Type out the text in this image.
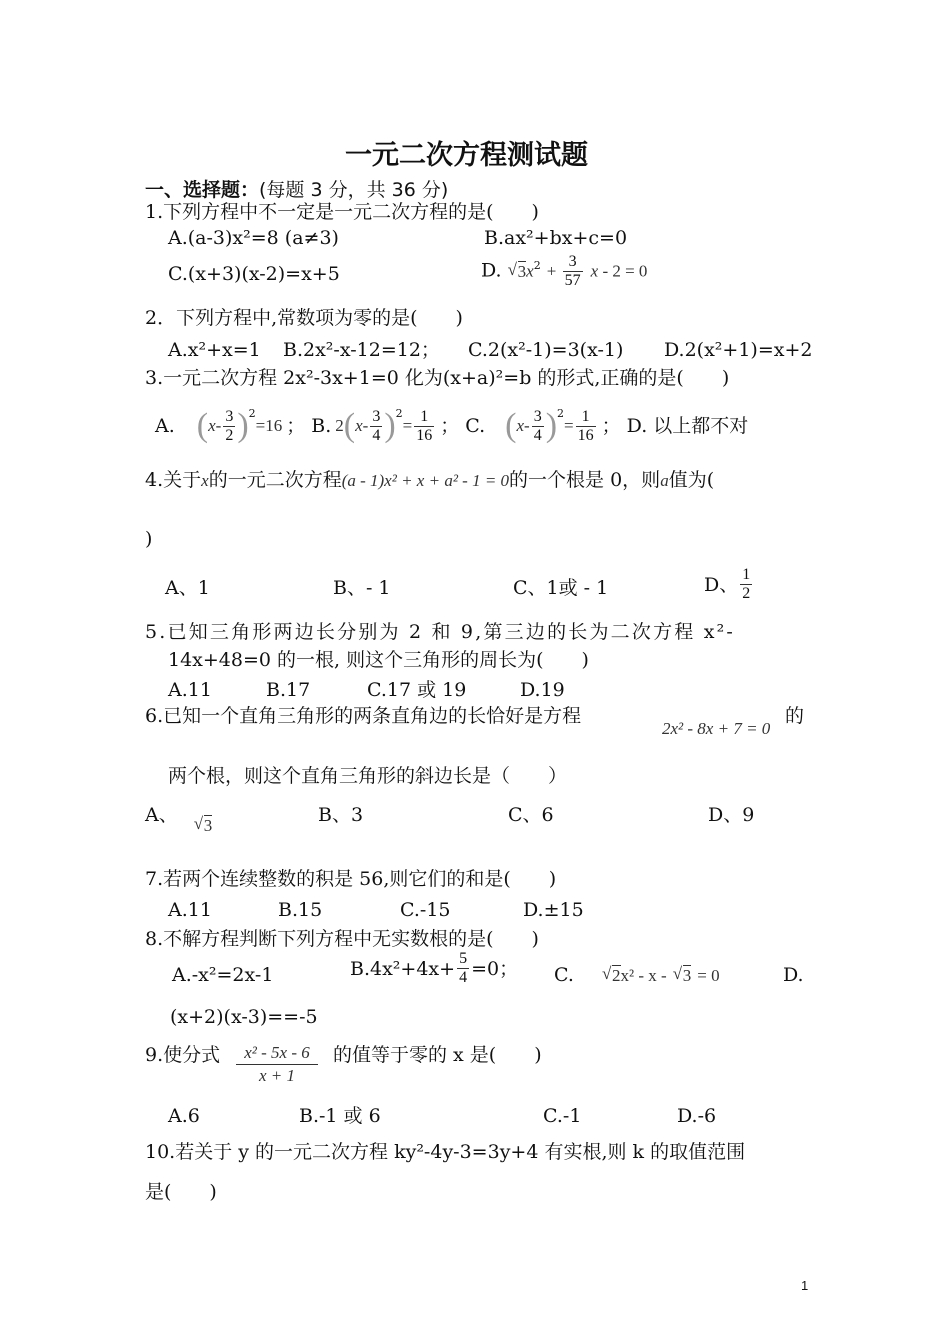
一元二次方程测试题
一、选择题：(每题 3 分，共 36 分)
1.下列方程中不一定是一元二次方程的是(　　)
A.(a-3)x²=8 (a≠3)	B.ax²+bx+c=0
C.(x+3)(x-2)=x+5	D. √ $3x^2 + \frac{3}{57}$ x - 2 = 0
2．下列方程中,常数项为零的是(　　)
A.x²+x=1 B.2x²-x-12=12； C.2(x²-1)=3(x-1) D.2(x²+1)=x+2
3.一元二次方程 2x²-3x+1=0 化为(x+a)²=b 的形式,正确的是(　　)
A. ( x - $\frac{3}{2} )^2$
=16 ； B. 2 ( x - $\frac{3}{4} )^2$
= $\frac{1}{16}$ ； C. ( x - $\frac{3}{4} )^2$
= $\frac{1}{16}$ ； D. 以上都不对
4.关于x的一元二次方程(a - 1)x² + x + a² - 1 = 0的一个根是 0，则a值为(
)
A、1	B、- 1	C、1或 - 1	D、 $\frac{1}{2}$
5.已知三角形两边长分别为 2 和 9,第三边的长为二次方程 x²-
14x+48=0 的一根, 则这个三角形的周长为(　　)
A.11	B.17	C.17 或 19	D.19
6.已知一个直角三角形的两条直角边的长恰好是方程
2x² - 8x + 7 = 0
的
两个根，则这个直角三角形的斜边长是（　　）
A、 √ 3	B、3	C、6	D、9
7.若两个连续整数的积是 56,则它们的和是(　　)
A.11	B.15	C.-15	D.±15
8.不解方程判断下列方程中无实数根的是(　　)
A.-x²=2x-1	$B.4x^2+4x+ \frac{5}{4} =0$； C. √ 2x² - x - √ 3 = 0	D.
(x+2)(x-3)==-5
9.使分式	x² - 5x - 6
x + 1
的值等于零的 x 是(　　)
A.6	B.-1 或 6	C.-1	D.-6
10.若关于 y 的一元二次方程 ky²-4y-3=3y+4 有实根,则 k 的取值范围
是(　　)
1
